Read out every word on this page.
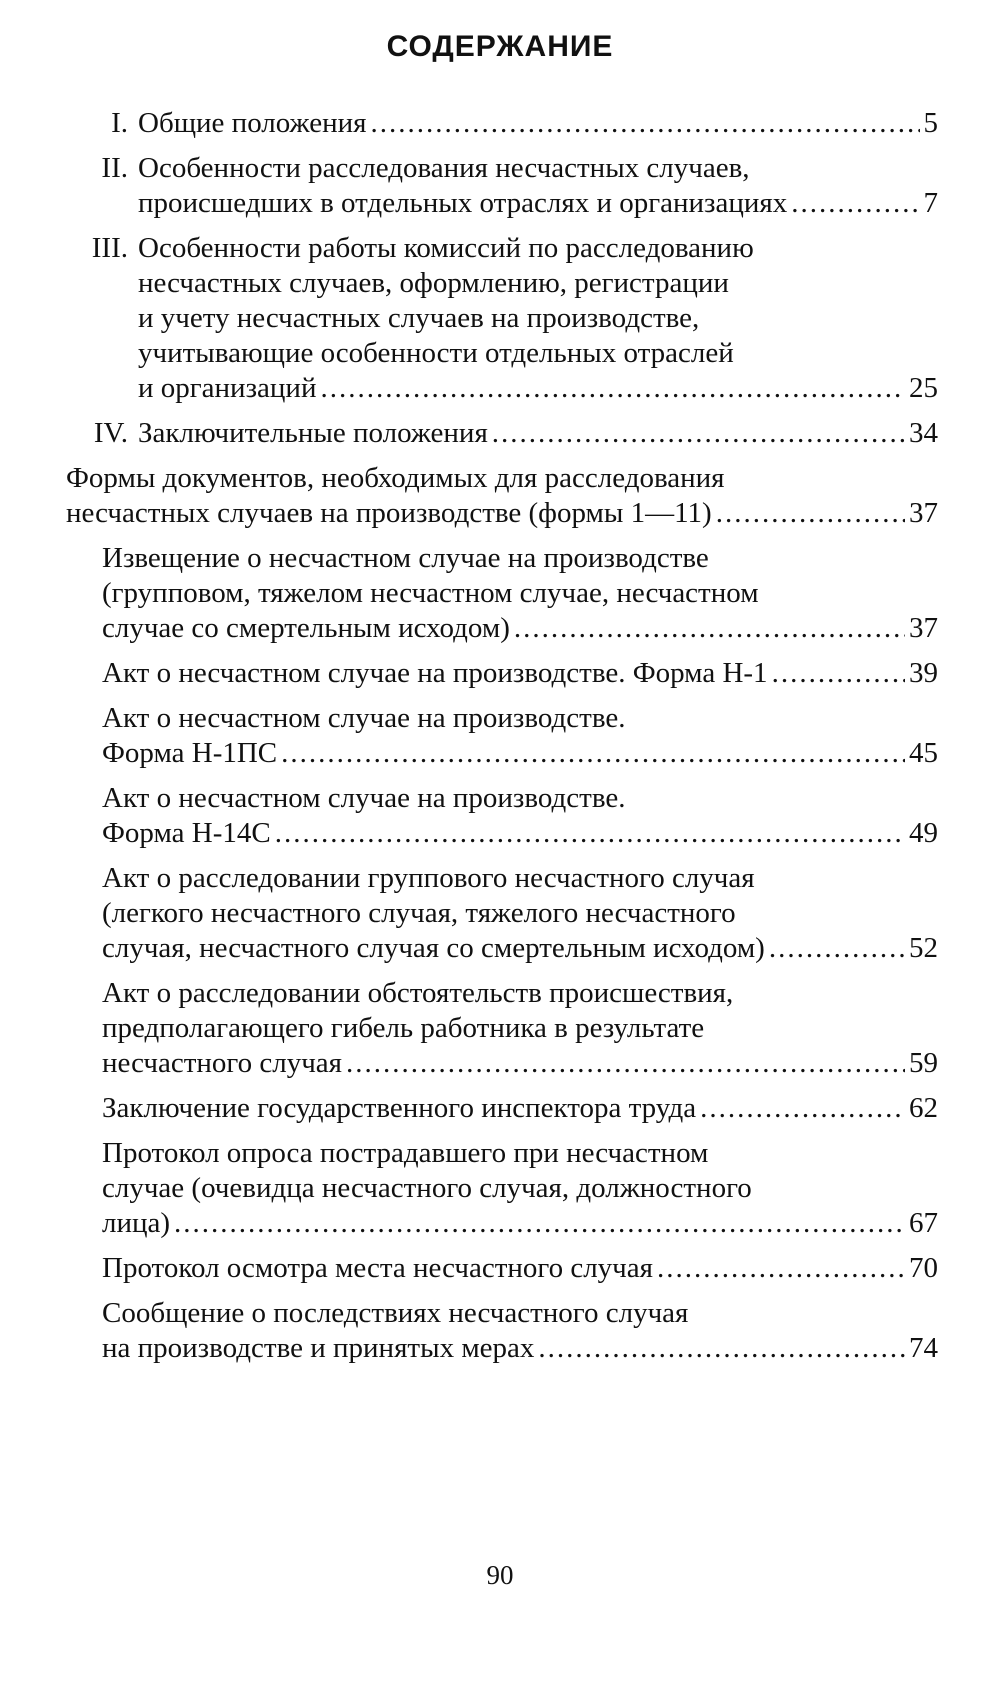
СОДЕРЖАНИЕ
I. Общие положения .....	5
II. Особенности расследования несчастных случаев,
происшедших в отдельных отраслях и организациях .....	7
III. Особенности работы комиссий по расследованию
несчастных случаев, оформлению, регистрации
и учету несчастных случаев на производстве,
учитывающие особенности отдельных отраслей
и организаций .....	25
IV. Заключительные положения .....	34
Формы документов, необходимых для расследования
несчастных случаев на производстве (формы 1—11) .....	37
Извещение о несчастном случае на производстве
(групповом, тяжелом несчастном случае, несчастном
случае со смертельным исходом) .....	37
Акт о несчастном случае на производстве. Форма Н-1 .....	39
Акт о несчастном случае на производстве.
Форма Н-1ПС .....	45
Акт о несчастном случае на производстве.
Форма Н-14С .....	49
Акт о расследовании группового несчастного случая
(легкого несчастного случая, тяжелого несчастного
случая, несчастного случая со смертельным исходом) .....	52
Акт о расследовании обстоятельств происшествия,
предполагающего гибель работника в результате
несчастного случая .....	59
Заключение государственного инспектора труда .....	62
Протокол опроса пострадавшего при несчастном
случае (очевидца несчастного случая, должностного
лица) .....	67
Протокол осмотра места несчастного случая .....	70
Сообщение о последствиях несчастного случая
на производстве и принятых мерах .....	74
90
